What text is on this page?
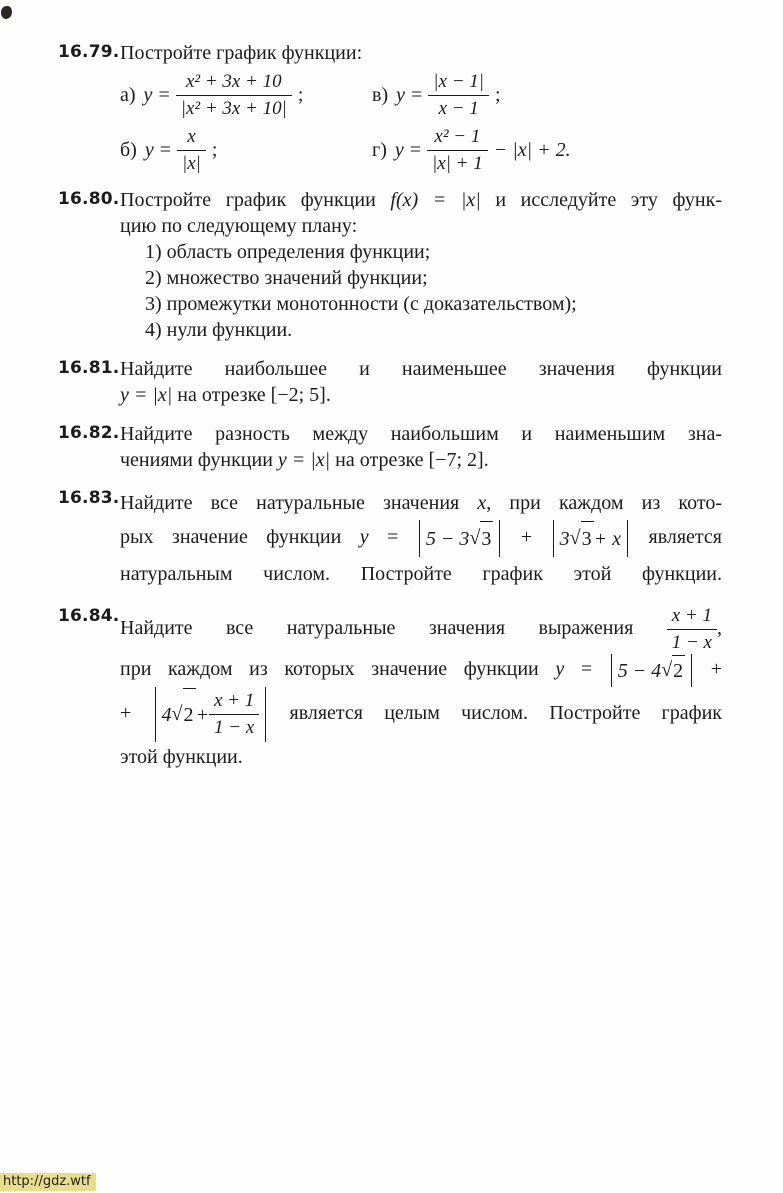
16.79. Постройте график функции:
а) $y = \frac{\text{x² + 3x + 10}}{\text{|x² + 3x + 10|}}$ ;	в) $y = \frac{|x - 1|}{x - 1}$ ;
б) $y = \frac{x}{|x|}$ ;	г) $y = \frac{\text{x² − 1}}{|x| + 1} - |x| + 2$.
16.80. Постройте график функции f(x) = |x| и исследуйте эту функ-
цию по следующему плану:
1) область определения функции;
2) множество значений функции;
3) промежутки монотонности (с доказательством);
4) нули функции.
16.81. Найдите наибольшее и наименьшее значения функции
y = |x| на отрезке [−2; 5].
16.82. Найдите разность между наибольшим и наименьшим зна-
чениями функции y = |x| на отрезке [−7; 2].
16.83. Найдите все натуральные значения x, при каждом из кото-
рых значение функции y = 5 − 3 √ 3 + 3 √ 3 + x является
натуральным числом. Постройте график этой функции.
16.84.
Найдите все натуральные значения выражения $\frac{x + 1}{1 - x}$ ,
при каждом из которых значение функции y = 5 − 4 √ 2 +
+ 4 √ $2 + \frac{x + 1}{1 - x}$ является целым числом. Постройте график
этой функции.
http://gdz.wtf
